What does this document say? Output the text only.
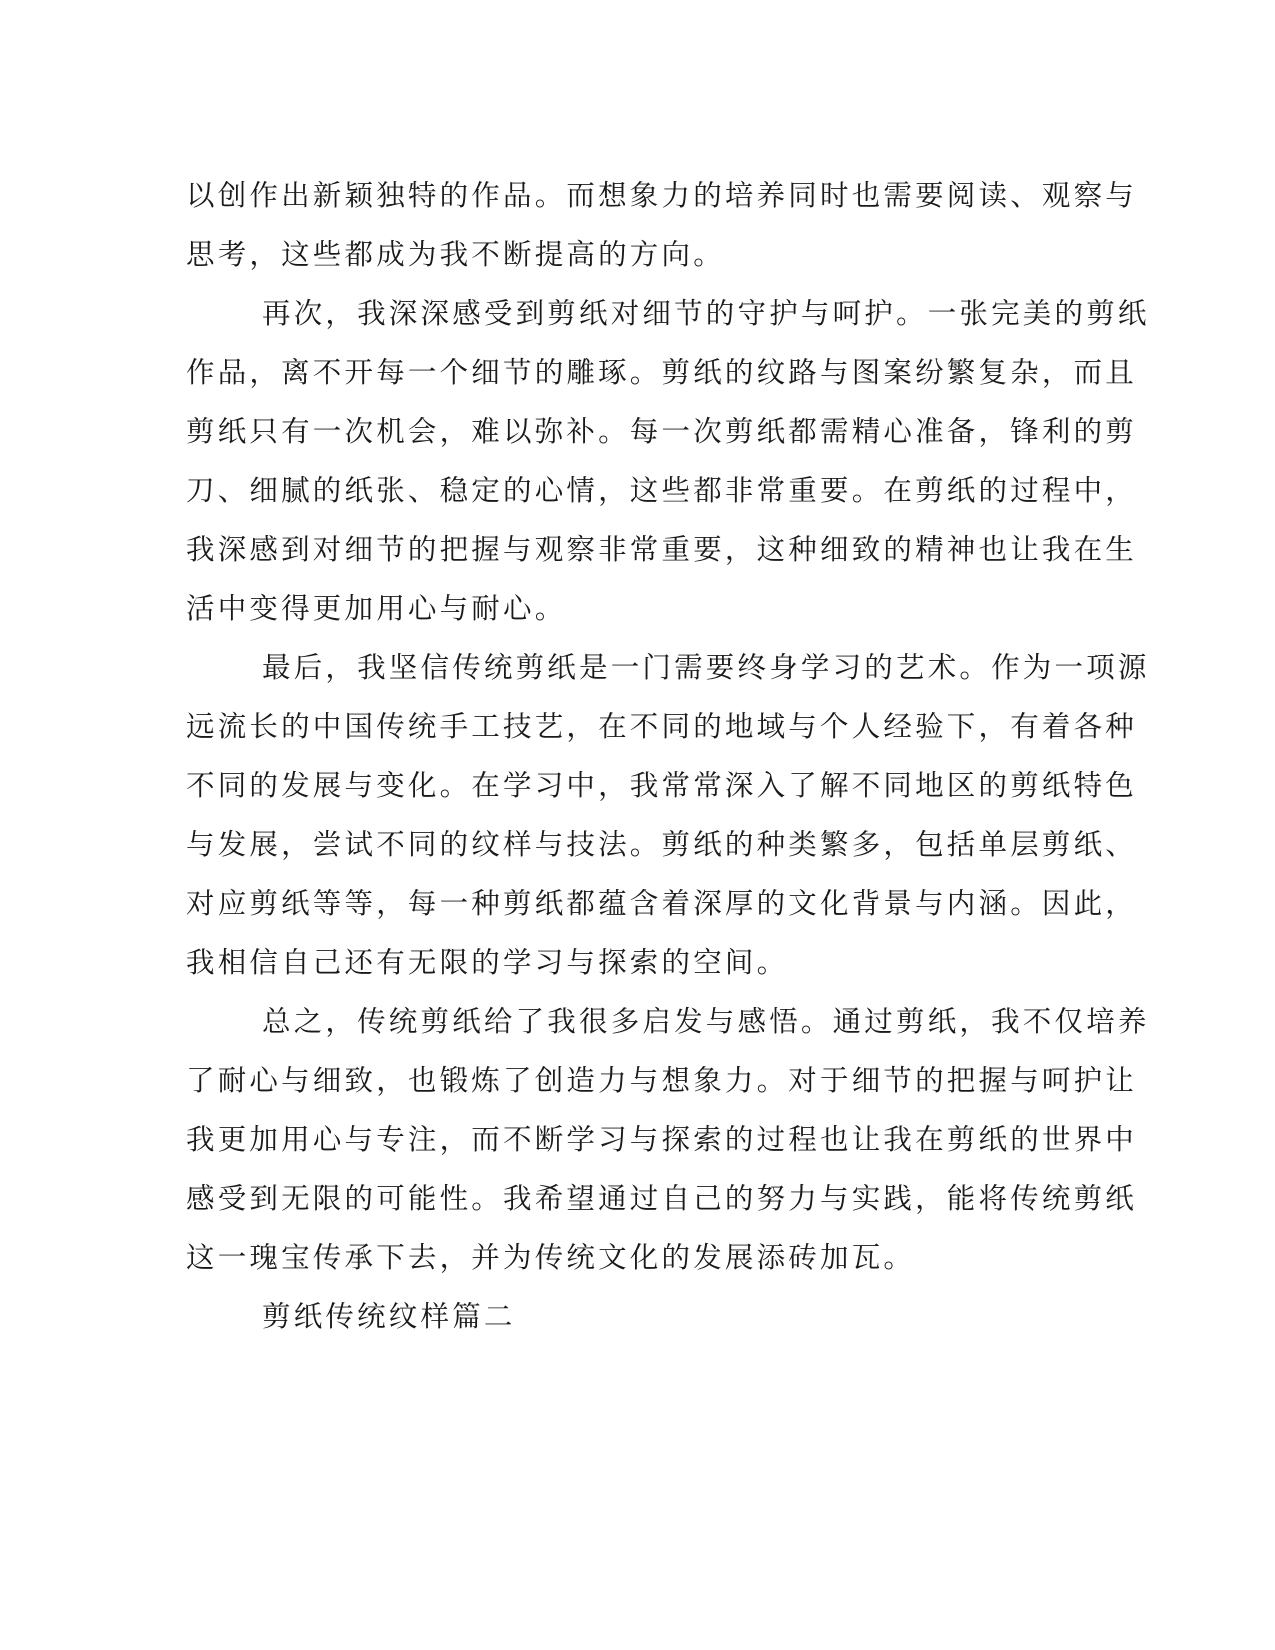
以创作出新颖独特的作品。而想象力的培养同时也需要阅读、观察与
思考，这些都成为我不断提高的方向。
再次，我深深感受到剪纸对细节的守护与呵护。一张完美的剪纸
作品，离不开每一个细节的雕琢。剪纸的纹路与图案纷繁复杂，而且
剪纸只有一次机会，难以弥补。每一次剪纸都需精心准备，锋利的剪
刀、细腻的纸张、稳定的心情，这些都非常重要。在剪纸的过程中，
我深感到对细节的把握与观察非常重要，这种细致的精神也让我在生
活中变得更加用心与耐心。
最后，我坚信传统剪纸是一门需要终身学习的艺术。作为一项源
远流长的中国传统手工技艺，在不同的地域与个人经验下，有着各种
不同的发展与变化。在学习中，我常常深入了解不同地区的剪纸特色
与发展，尝试不同的纹样与技法。剪纸的种类繁多，包括单层剪纸、
对应剪纸等等，每一种剪纸都蕴含着深厚的文化背景与内涵。因此，
我相信自己还有无限的学习与探索的空间。
总之，传统剪纸给了我很多启发与感悟。通过剪纸，我不仅培养
了耐心与细致，也锻炼了创造力与想象力。对于细节的把握与呵护让
我更加用心与专注，而不断学习与探索的过程也让我在剪纸的世界中
感受到无限的可能性。我希望通过自己的努力与实践，能将传统剪纸
这一瑰宝传承下去，并为传统文化的发展添砖加瓦。
剪纸传统纹样篇二
